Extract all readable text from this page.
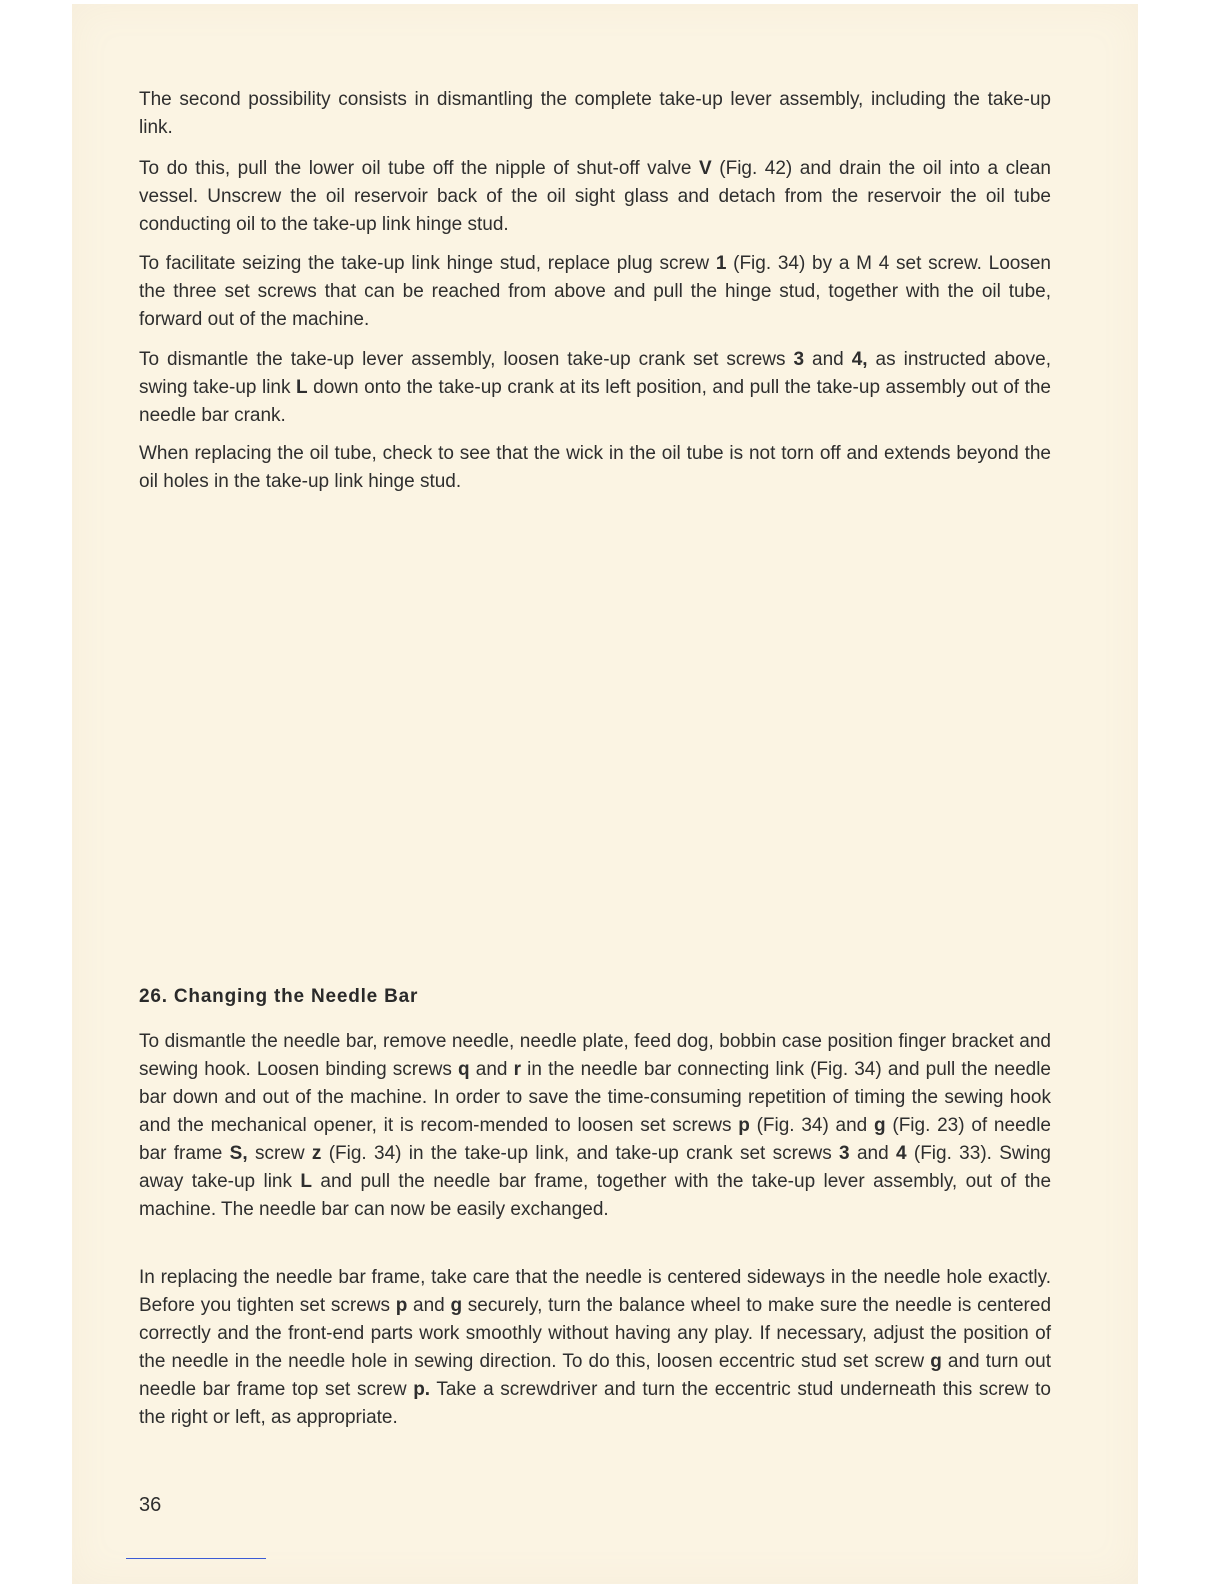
The second possibility consists in dismantling the complete take-up lever assembly, including the take-up link.

To do this, pull the lower oil tube off the nipple of shut-off valve V (Fig. 42) and drain the oil into a clean vessel. Unscrew the oil reservoir back of the oil sight glass and detach from the reservoir the oil tube conducting oil to the take-up link hinge stud.

To facilitate seizing the take-up link hinge stud, replace plug screw 1 (Fig. 34) by a M 4 set screw. Loosen the three set screws that can be reached from above and pull the hinge stud, together with the oil tube, forward out of the machine.

To dismantle the take-up lever assembly, loosen take-up crank set screws 3 and 4, as instructed above, swing take-up link L down onto the take-up crank at its left position, and pull the take-up assembly out of the needle bar crank.

When replacing the oil tube, check to see that the wick in the oil tube is not torn off and extends beyond the oil holes in the take-up link hinge stud.

26. Changing the Needle Bar

To dismantle the needle bar, remove needle, needle plate, feed dog, bobbin case position finger bracket and sewing hook. Loosen binding screws q and r in the needle bar connecting link (Fig. 34) and pull the needle bar down and out of the machine. In order to save the time-consuming repetition of timing the sewing hook and the mechanical opener, it is recom-mended to loosen set screws p (Fig. 34) and g (Fig. 23) of needle bar frame S, screw z (Fig. 34) in the take-up link, and take-up crank set screws 3 and 4 (Fig. 33). Swing away take-up link L and pull the needle bar frame, together with the take-up lever assembly, out of the machine. The needle bar can now be easily exchanged.

In replacing the needle bar frame, take care that the needle is centered sideways in the needle hole exactly. Before you tighten set screws p and g securely, turn the balance wheel to make sure the needle is centered correctly and the front-end parts work smoothly without having any play. If necessary, adjust the position of the needle in the needle hole in sewing direction. To do this, loosen eccentric stud set screw g and turn out needle bar frame top set screw p. Take a screwdriver and turn the eccentric stud underneath this screw to the right or left, as appropriate.

36
